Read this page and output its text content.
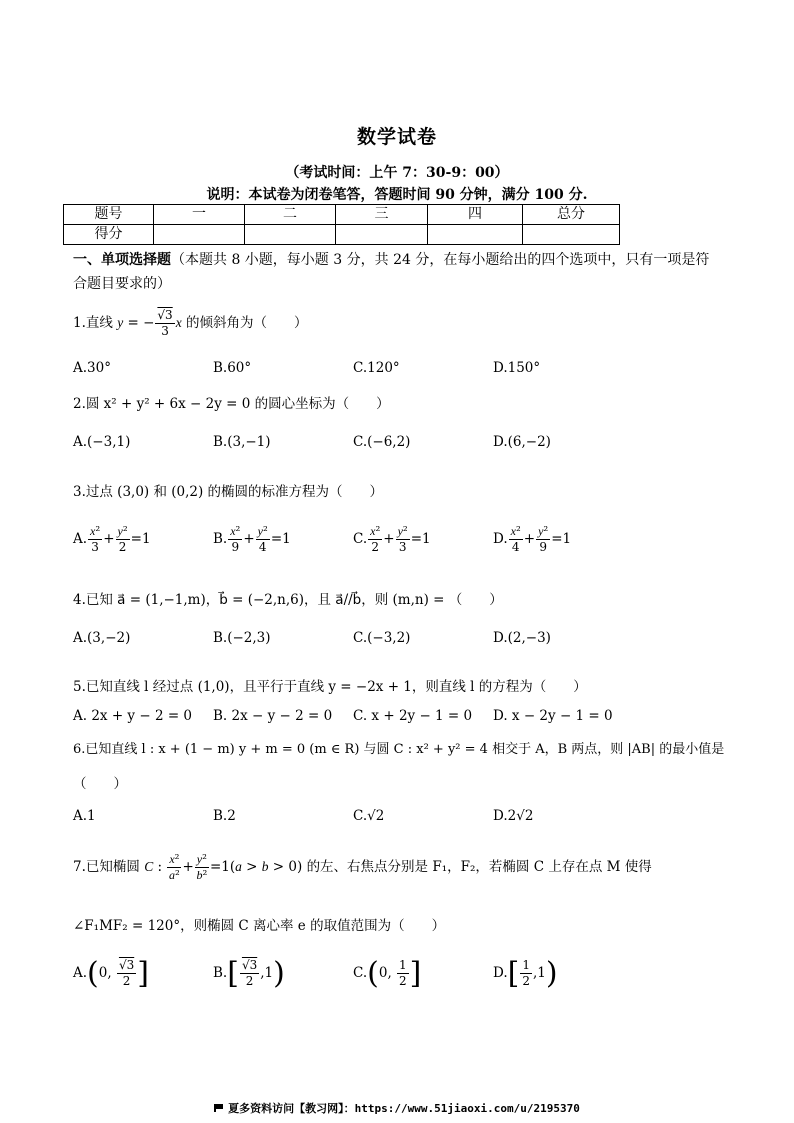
数学试卷
（考试时间：上午 7：30-9：00）
说明：本试卷为闭卷笔答，答题时间 90 分钟，满分 100 分.
题号	一	二	三	四	总分
得分					
一、单项选择题（本题共 8 小题，每小题 3 分，共 24 分，在每小题给出的四个选项中，只有一项是符合题目要求的）
1.直线 y = − $\frac{√3}{3}$ x 的倾斜角为（　　）
A.30°	B.60°	C.120°	D.150°
2.圆 x² + y² + 6x − 2y = 0 的圆心坐标为（　　）
A.(−3,1)	B.(3,−1)	C.(−6,2)	D.(6,−2)
3.过点 (3,0) 和 (0,2) 的椭圆的标准方程为（　　）
A. $\frac{\text{x²}}{3} + \frac{\text{y²}}{2} =1$	B. $\frac{\text{x²}}{9} + \frac{\text{y²}}{4} =1$	C. $\frac{\text{x²}}{2} + \frac{\text{y²}}{3} =1$	D. $\frac{\text{x²}}{4} + \frac{\text{y²}}{9} =1$
4.已知 a⃗ = (1,−1,m)，b⃗ = (−2,n,6)，且 a⃗//b⃗，则 (m,n) = （　　）
A.(3,−2)	B.(−2,3)	C.(−3,2)	D.(2,−3)
5.已知直线 l 经过点 (1,0)，且平行于直线 y = −2x + 1，则直线 l 的方程为（　　）
A. 2x + y − 2 = 0 B. 2x − y − 2 = 0 C. x + 2y − 1 = 0 D. x − 2y − 1 = 0
6.已知直线 l : x + (1 − m) y + m = 0 (m ∈ R) 与圆 C : x² + y² = 4 相交于 A，B 两点，则 |AB| 的最小值是
（　　）
A.1	B.2	C.√2	D.2√2
7.已知椭圆 C : $\frac{\text{x²}}{\text{a²}} + \frac{\text{y²}}{\text{b²}} =1(a > b > 0)$ 的左、右焦点分别是 F₁，F₂，若椭圆 C 上存在点 M 使得
∠F₁MF₂ = 120°，则椭圆 C 离心率 e 的取值范围为（　　）
A.(0, $\frac{√3}{2}$ ]	$B.[ \frac{√3}{2} ,1)$	C.(0, $\frac{1}{2}$ ]	$D.[ \frac{1}{2} ,1)$
夏多资料访问【教习网】：https://www.51jiaoxi.com/u/2195370
